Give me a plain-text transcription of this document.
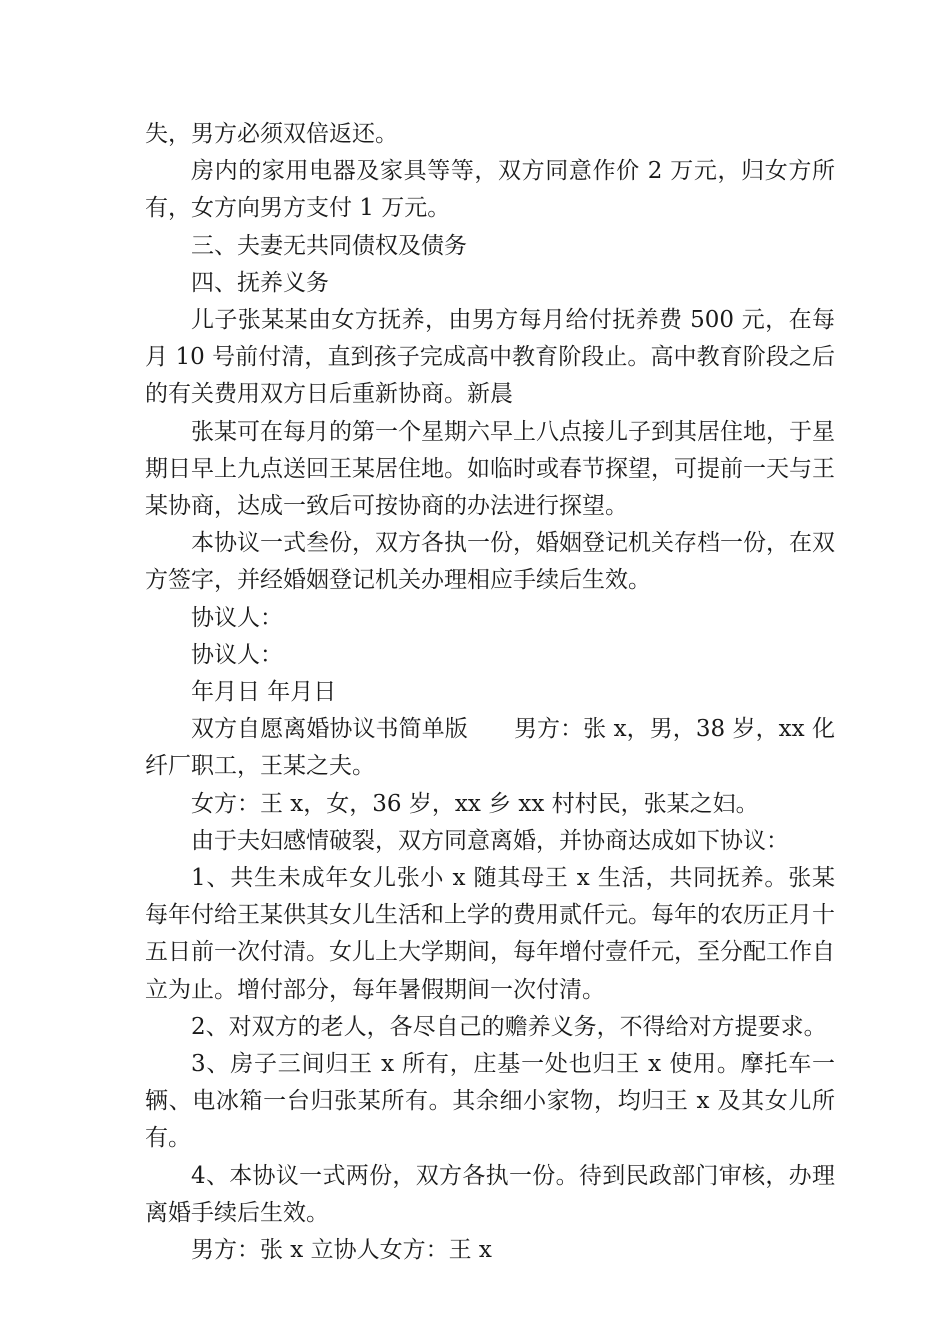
失，男方必须双倍返还。

房内的家用电器及家具等等，双方同意作价 2 万元，归女方所有，女方向男方支付 1 万元。

三、夫妻无共同债权及债务

四、抚养义务

儿子张某某由女方抚养，由男方每月给付抚养费 500 元，在每月 10 号前付清，直到孩子完成高中教育阶段止。高中教育阶段之后的有关费用双方日后重新协商。新晨

张某可在每月的第一个星期六早上八点接儿子到其居住地，于星期日早上九点送回王某居住地。如临时或春节探望，可提前一天与王某协商，达成一致后可按协商的办法进行探望。

本协议一式叁份，双方各执一份，婚姻登记机关存档一份，在双方签字，并经婚姻登记机关办理相应手续后生效。

协议人：

协议人：

年月日 年月日

双方自愿离婚协议书简单版　　男方：张 x，男，38 岁，xx 化纤厂职工，王某之夫。

女方：王 x，女，36 岁，xx 乡 xx 村村民，张某之妇。

由于夫妇感情破裂，双方同意离婚，并协商达成如下协议：

1、共生未成年女儿张小 x 随其母王 x 生活，共同抚养。张某每年付给王某供其女儿生活和上学的费用贰仟元。每年的农历正月十五日前一次付清。女儿上大学期间，每年增付壹仟元，至分配工作自立为止。增付部分，每年暑假期间一次付清。

2、对双方的老人，各尽自己的赡养义务，不得给对方提要求。

3、房子三间归王 x 所有，庄基一处也归王 x 使用。摩托车一辆、电冰箱一台归张某所有。其余细小家物，均归王 x 及其女儿所有。

4、本协议一式两份，双方各执一份。待到民政部门审核，办理离婚手续后生效。

男方：张 x 立协人女方：王 x
